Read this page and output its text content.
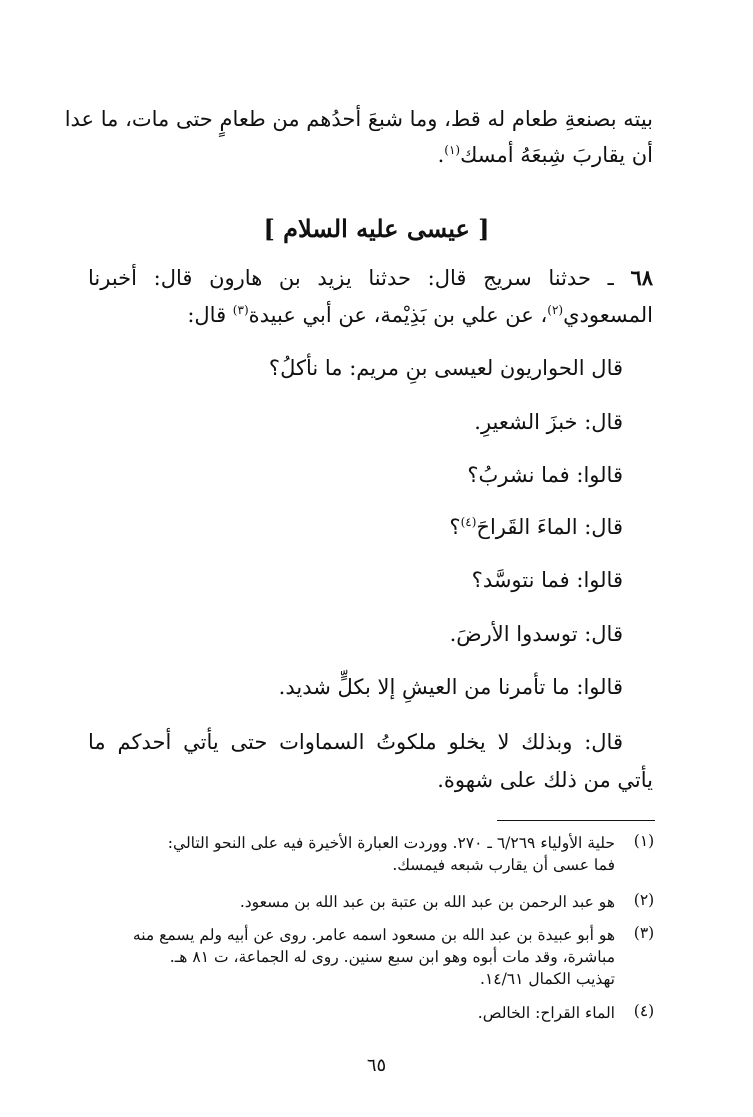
بيته بصنعةِ طعام له قط، وما شبعَ أحدُهم من طعامٍ حتى مات، ما عدا
أن يقاربَ شِبعَهُ أمسك$^{(١)}$.
[ عيسى عليه السلام ]
٦٨ ـ حدثنا سريج قال: حدثنا يزيد بن هارون قال: أخبرنا
المسعودي$^{(٢)}$، عن علي بن بَذِيْمة، عن أبي عبيدة$^{(٣)}$ قال:
قال الحواريون لعيسى بنِ مريم: ما نأكلُ؟
قال: خبزَ الشعيرِ.
قالوا: فما نشربُ؟
قال: الماءَ القَراحَ$^{(٤)}$؟
قالوا: فما نتوسَّد؟
قال: توسدوا الأرضَ.
قالوا: ما تأمرنا من العيشِ إلا بكلٍّ شديد.
قال: وبذلك لا يخلو ملكوتُ السماوات حتى يأتي أحدكم ما
يأتي من ذلك على شهوة.
(١)
حلية الأولياء ٦/٢٦٩ ـ ٢٧٠. ووردت العبارة الأخيرة فيه على النحو التالي:
فما عسى أن يقارب شبعه فيمسك.
(٢)
هو عبد الرحمن بن عبد الله بن عتبة بن عبد الله بن مسعود.
(٣)
هو أبو عبيدة بن عبد الله بن مسعود اسمه عامر. روى عن أبيه ولم يسمع منه
مباشرة، وقد مات أبوه وهو ابن سبع سنين. روى له الجماعة، ت ٨١ هـ.
تهذيب الكمال ١٤/٦١.
(٤)
الماء القراح: الخالص.
٦٥
